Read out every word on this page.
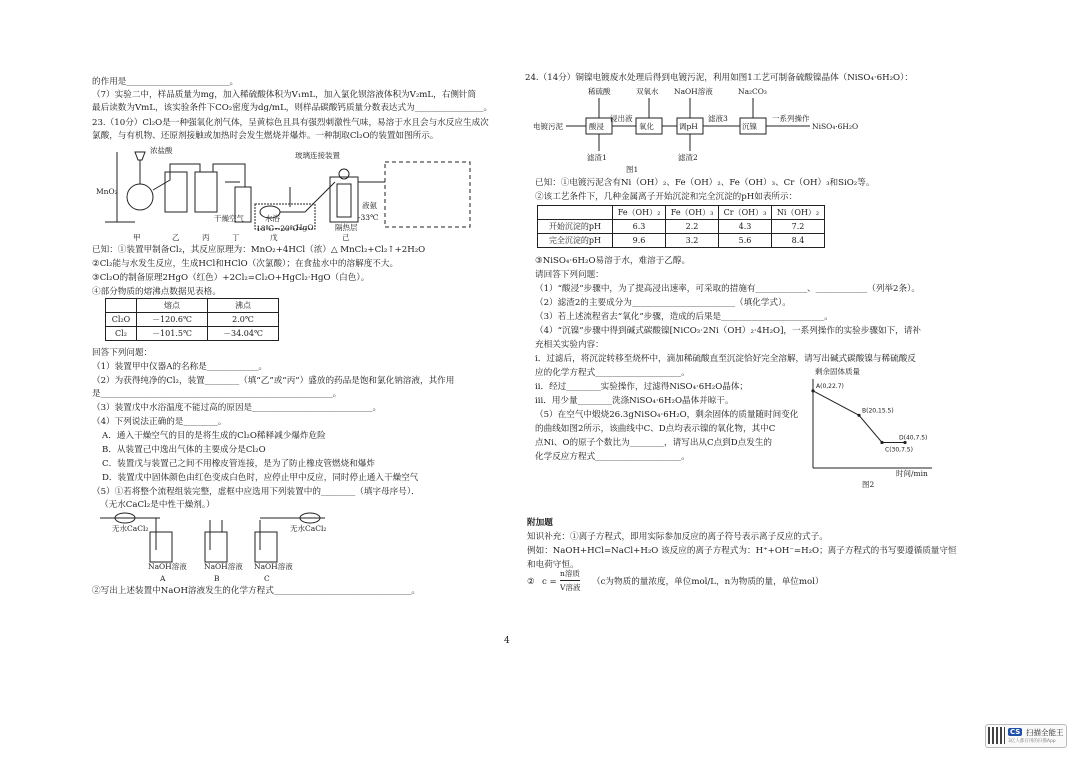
的作用是________________________。
（7）实验二中，样品质量为mg，加入稀硫酸体积为V₁mL，加入氯化钡溶液体积为V₂mL，右侧针筒
最后读数为VmL，该实验条件下CO₂密度为dg/mL，则样品碳酸钙质量分数表达式为________________。
23.（10分）Cl₂O是一种强氧化剂气体，呈黄棕色且具有强烈刺激性气味，易溶于水且会与水反应生成次
氯酸，与有机物、还原剂接触或加热时会发生燃烧并爆炸。一种制取Cl₂O的装置如图所示。
浓盐酸
玻璃连接装置
MnO₂
干燥空气	水浴
18℃~20℃
HgO
液氨
-33℃
隔热层
甲	乙	丙	丁	戊	己
已知：①装置甲制备Cl₂，其反应原理为：MnO₂+4HCl（浓）△ MnCl₂+Cl₂↑+2H₂O
②Cl₂能与水发生反应，生成HCl和HClO（次氯酸）；在食盐水中的溶解度不大。
③Cl₂O的制备原理2HgO（红色）+2Cl₂=Cl₂O+HgCl₂·HgO（白色）。
④部分物质的熔沸点数据见表格。
	熔点	沸点
Cl₂O	－120.6℃	2.0℃
Cl₂	－101.5℃	－34.04℃
回答下列问题：
（1）装置甲中仪器A的名称是____________。
（2）为获得纯净的Cl₂，装置________（填“乙”或“丙”）盛放的药品是饱和氯化钠溶液，其作用
是______________________________________________________。
（3）装置戊中水浴温度不能过高的原因是____________________________。
（4）下列说法正确的是________。
A．通入干燥空气的目的是将生成的Cl₂O稀释减少爆炸危险
B．从装置己中逸出气体的主要成分是Cl₂O
C．装置戊与装置己之间不用橡皮管连接，是为了防止橡皮管燃烧和爆炸
D．装置戊中固体颜色由红色变成白色时，应停止甲中反应，同时停止通入干燥空气
（5）①若将整个流程组装完整，虚框中应选用下列装置中的________（填字母序号）．
（无水CaCl₂是中性干燥剂。）
无水CaCl₂	无水CaCl₂
NaOH溶液 NaOH溶液 NaOH溶液
A	B	C
②写出上述装置中NaOH溶液发生的化学方程式________________________________。
24.（14分）铜镍电镀废水处理后得到电镀污泥，利用如图1工艺可制备硫酸镍晶体（NiSO₄·6H₂O）：
稀硫酸	双氧水 NaOH溶液	Na₂CO₃
电镀污泥	酸浸	氧化	调pH	沉镍
浸出液	滤液3	一系列操作
NiSO₄·6H₂O
滤渣1	滤渣2
图1
已知：①电镀污泥含有Ni（OH）₂、Fe（OH）₂、Fe（OH）₃、Cr（OH）₃和SiO₂等。
②该工艺条件下，几种金属离子开始沉淀和完全沉淀的pH如表所示：
	Fe（OH）₂	Fe（OH）₃	Cr（OH）₃	Ni（OH）₂
开始沉淀的pH	6.3	2.2	4.3	7.2
完全沉淀的pH	9.6	3.2	5.6	8.4
③NiSO₄·6H₂O易溶于水，难溶于乙醇。
请回答下列问题：
（1）“酸浸”步骤中，为了提高浸出速率，可采取的措施有____________、____________（列举2条）。
（2）滤渣2的主要成分为________________________（填化学式）。
（3）若上述流程省去“氧化”步骤，造成的后果是________________________。
（4）“沉镍”步骤中得到碱式碳酸镍[NiCO₃·2Ni（OH）₂·4H₂O]，一系列操作的实验步骤如下，请补
充相关实验内容：
i．过滤后，将沉淀转移至烧杯中，滴加稀硫酸直至沉淀恰好完全溶解，请写出碱式碳酸镍与稀硫酸反
应的化学方程式____________________。
ii．经过________实验操作，过滤得NiSO₄·6H₂O晶体；
iii．用少量________洗涤NiSO₄·6H₂O晶体并晾干。
（5）在空气中煅烧26.3gNiSO₄·6H₂O，剩余固体的质量随时间变化
的曲线如图2所示，该曲线中C、D点均表示镍的氧化物，其中C
点Ni、O的原子个数比为________，请写出从C点到D点发生的
化学反应方程式____________________。
剩余固体质量
A(0,22.7)
B(20,15.5)
C(30,7.5)
D(40,7.5)
时间/min
图2
附加题
知识补充：①离子方程式，即用实际参加反应的离子符号表示离子反应的式子。
例如：NaOH+HCl=NaCl+H₂O 该反应的离子方程式为：H⁺+OH⁻=H₂O；离子方程式的书写要遵循质量守恒
和电荷守恒。
② c =
n溶质
V溶液
（c为物质的量浓度，单位mol/L，n为物质的量，单位mol）
4
CS 扫描全能王
3亿人都在用的扫描App
